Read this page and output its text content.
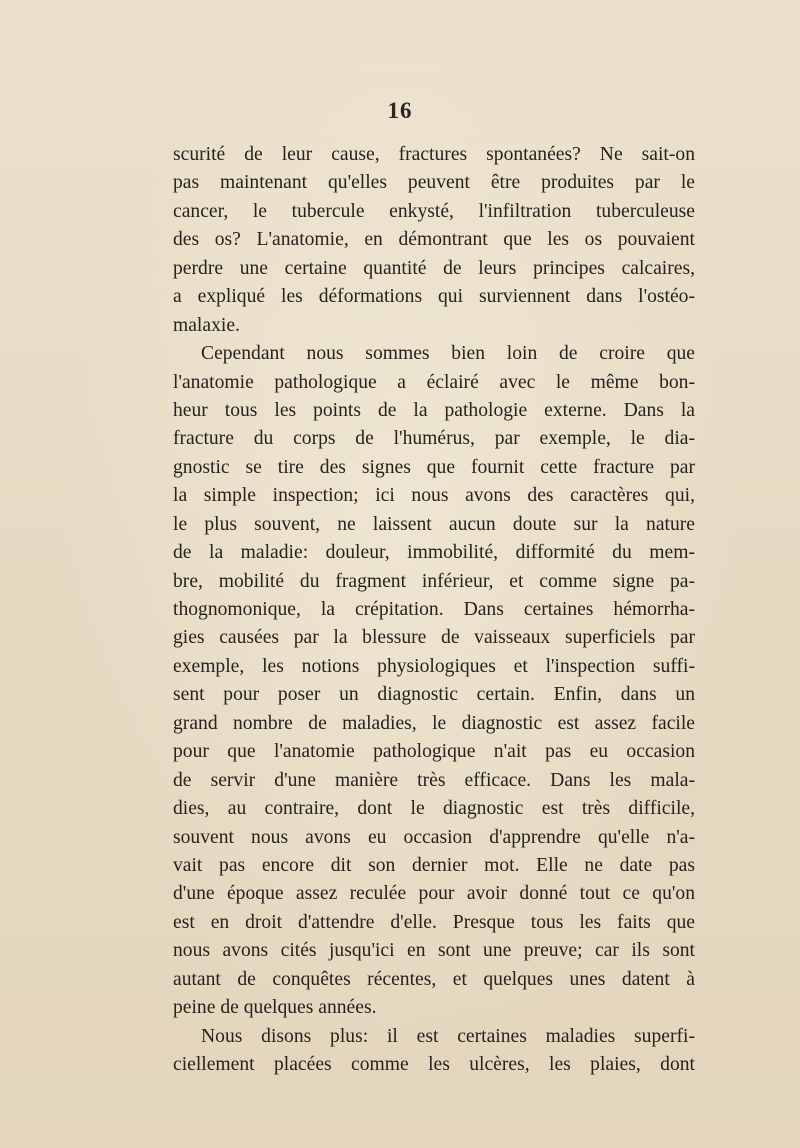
16
scurité de leur cause, fractures spontanées? Ne sait-on
pas maintenant qu'elles peuvent être produites par le
cancer, le tubercule enkysté, l'infiltration tuberculeuse
des os? L'anatomie, en démontrant que les os pouvaient
perdre une certaine quantité de leurs principes calcaires,
a expliqué les déformations qui surviennent dans l'ostéo-
malaxie.
Cependant nous sommes bien loin de croire que
l'anatomie pathologique a éclairé avec le même bon-
heur tous les points de la pathologie externe. Dans la
fracture du corps de l'humérus, par exemple, le dia-
gnostic se tire des signes que fournit cette fracture par
la simple inspection; ici nous avons des caractères qui,
le plus souvent, ne laissent aucun doute sur la nature
de la maladie: douleur, immobilité, difformité du mem-
bre, mobilité du fragment inférieur, et comme signe pa-
thognomonique, la crépitation. Dans certaines hémorrha-
gies causées par la blessure de vaisseaux superficiels par
exemple, les notions physiologiques et l'inspection suffi-
sent pour poser un diagnostic certain. Enfin, dans un
grand nombre de maladies, le diagnostic est assez facile
pour que l'anatomie pathologique n'ait pas eu occasion
de servir d'une manière très efficace. Dans les mala-
dies, au contraire, dont le diagnostic est très difficile,
souvent nous avons eu occasion d'apprendre qu'elle n'a-
vait pas encore dit son dernier mot. Elle ne date pas
d'une époque assez reculée pour avoir donné tout ce qu'on
est en droit d'attendre d'elle. Presque tous les faits que
nous avons cités jusqu'ici en sont une preuve; car ils sont
autant de conquêtes récentes, et quelques unes datent à
peine de quelques années.
Nous disons plus: il est certaines maladies superfi-
ciellement placées comme les ulcères, les plaies, dont
